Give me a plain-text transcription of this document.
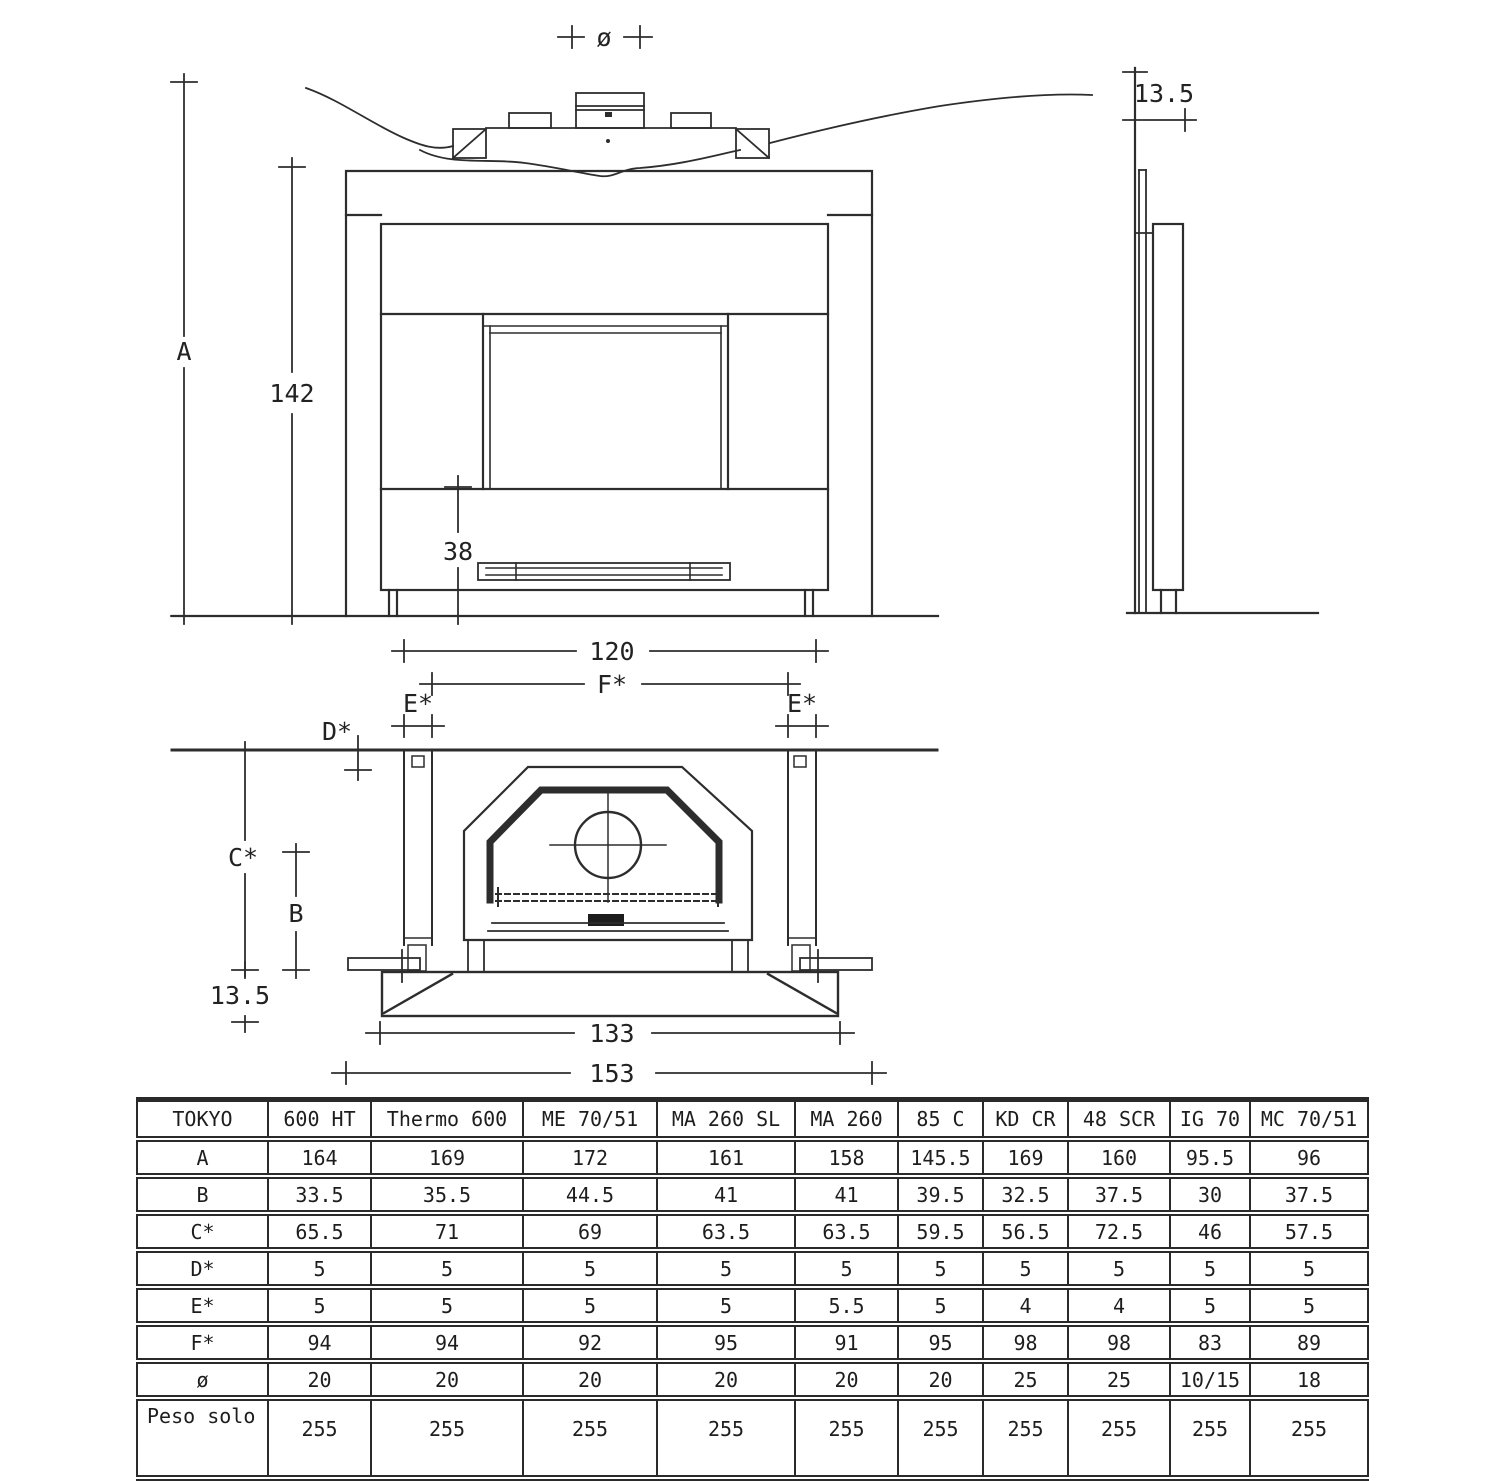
ø
A
142
38
13.5
120
F*
E*	E*
D*
C*
B
13.5
133
153
TOKYO	600 HT	Thermo 600	ME 70/51	MA 260 SL	MA 260	85 C	KD CR	48 SCR	IG 70	MC 70/51
A	164	169	172	161	158	145.5	169	160	95.5	96
B	33.5	35.5	44.5	41	41	39.5	32.5	37.5	30	37.5
C*	65.5	71	69	63.5	63.5	59.5	56.5	72.5	46	57.5
D*	5	5	5	5	5	5	5	5	5	5
E*	5	5	5	5	5.5	5	4	4	5	5
F*	94	94	92	95	91	95	98	98	83	89
ø	20	20	20	20	20	20	25	25	10/15	18
Peso solo	255	255	255	255	255	255	255	255	255	255
